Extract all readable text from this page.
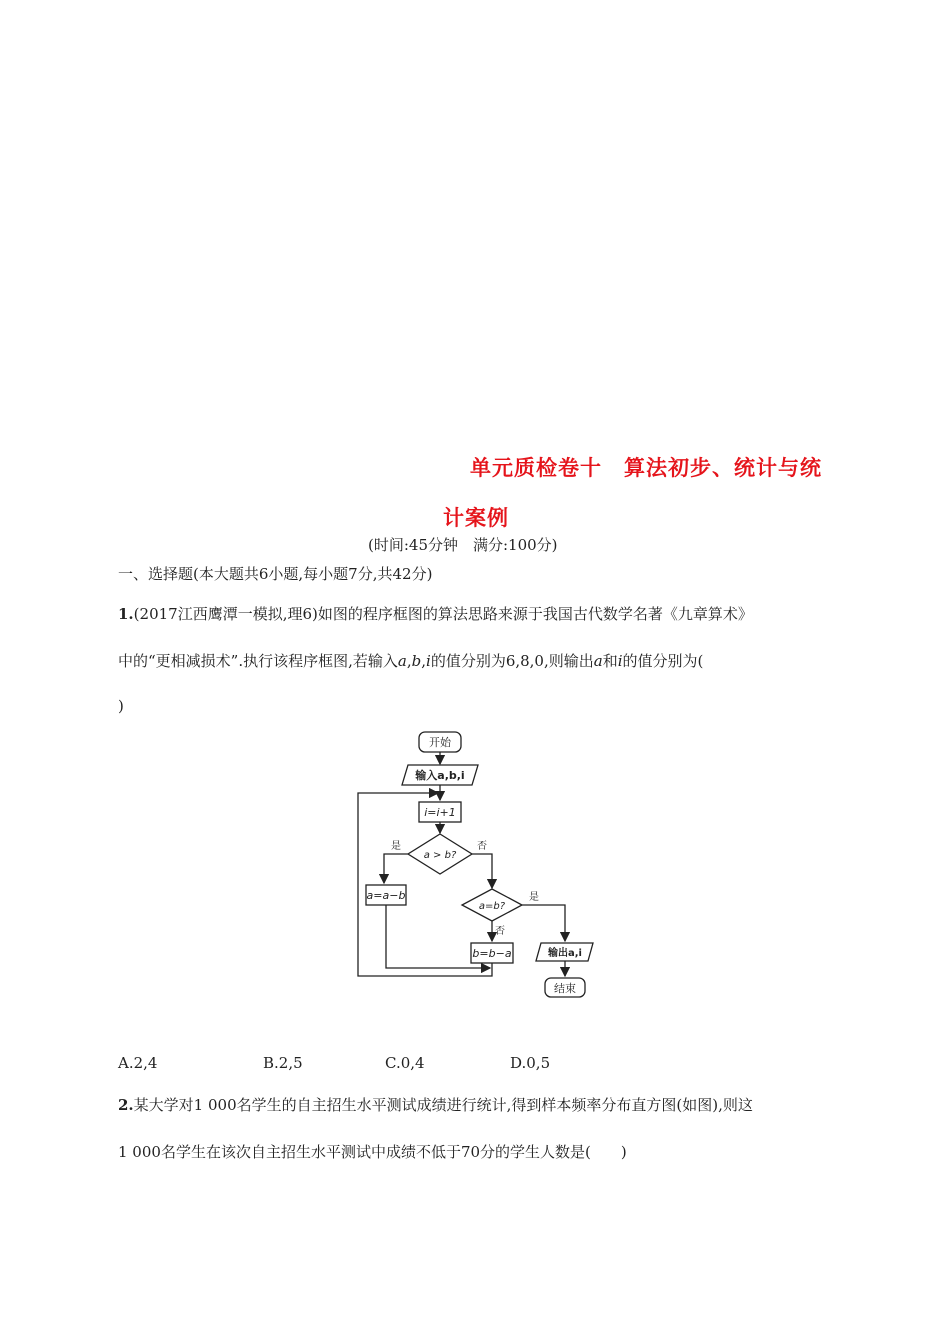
单元质检卷十　算法初步、统计与统
计案例
(时间:45分钟　满分:100分)
一、选择题(本大题共6小题,每小题7分,共42分)
1.(2017江西鹰潭一模拟,理6)如图的程序框图的算法思路来源于我国古代数学名著《九章算术》
中的“更相减损术”.执行该程序框图,若输入a,b,i的值分别为6,8,0,则输出a和i的值分别为(
)
开始
输入a,b,i
i=i+1
a > b?
是	否
a=a−b
a=b?
是
否
b=b−a	输出a,i
结束
A.2,4	B.2,5	C.0,4	D.0,5
2.某大学对1 000名学生的自主招生水平测试成绩进行统计,得到样本频率分布直方图(如图),则这
1 000名学生在该次自主招生水平测试中成绩不低于70分的学生人数是(　　)
